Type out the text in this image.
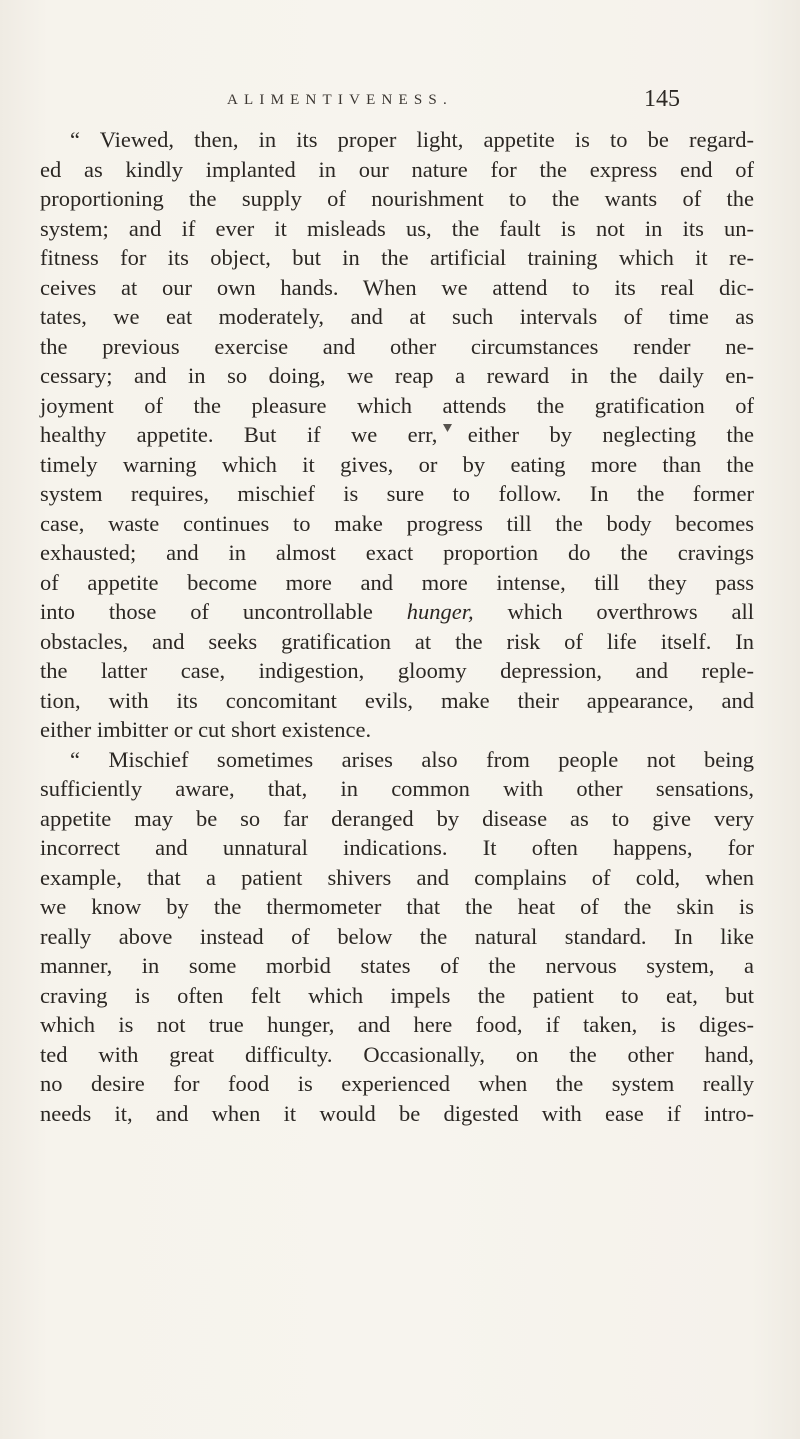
ALIMENTIVENESS.	145

“ Viewed, then, in its proper light, appetite is to be regard-
ed as kindly implanted in our nature for the express end of
proportioning the supply of nourishment to the wants of the
system; and if ever it misleads us, the fault is not in its un-
fitness for its object, but in the artificial training which it re-
ceives at our own hands. When we attend to its real dic-
tates, we eat moderately, and at such intervals of time as
the previous exercise and other circumstances render ne-
cessary; and in so doing, we reap a reward in the daily en-
joyment of the pleasure which attends the gratification of
healthy appetite. But if we err, either by neglecting the
timely warning which it gives, or by eating more than the
system requires, mischief is sure to follow. In the former
case, waste continues to make progress till the body becomes
exhausted; and in almost exact proportion do the cravings
of appetite become more and more intense, till they pass
into those of uncontrollable hunger, which overthrows all
obstacles, and seeks gratification at the risk of life itself. In
the latter case, indigestion, gloomy depression, and reple-
tion, with its concomitant evils, make their appearance, and
either imbitter or cut short existence.

“ Mischief sometimes arises also from people not being
sufficiently aware, that, in common with other sensations,
appetite may be so far deranged by disease as to give very
incorrect and unnatural indications. It often happens, for
example, that a patient shivers and complains of cold, when
we know by the thermometer that the heat of the skin is
really above instead of below the natural standard. In like
manner, in some morbid states of the nervous system, a
craving is often felt which impels the patient to eat, but
which is not true hunger, and here food, if taken, is diges-
ted with great difficulty. Occasionally, on the other hand,
no desire for food is experienced when the system really
needs it, and when it would be digested with ease if intro-
